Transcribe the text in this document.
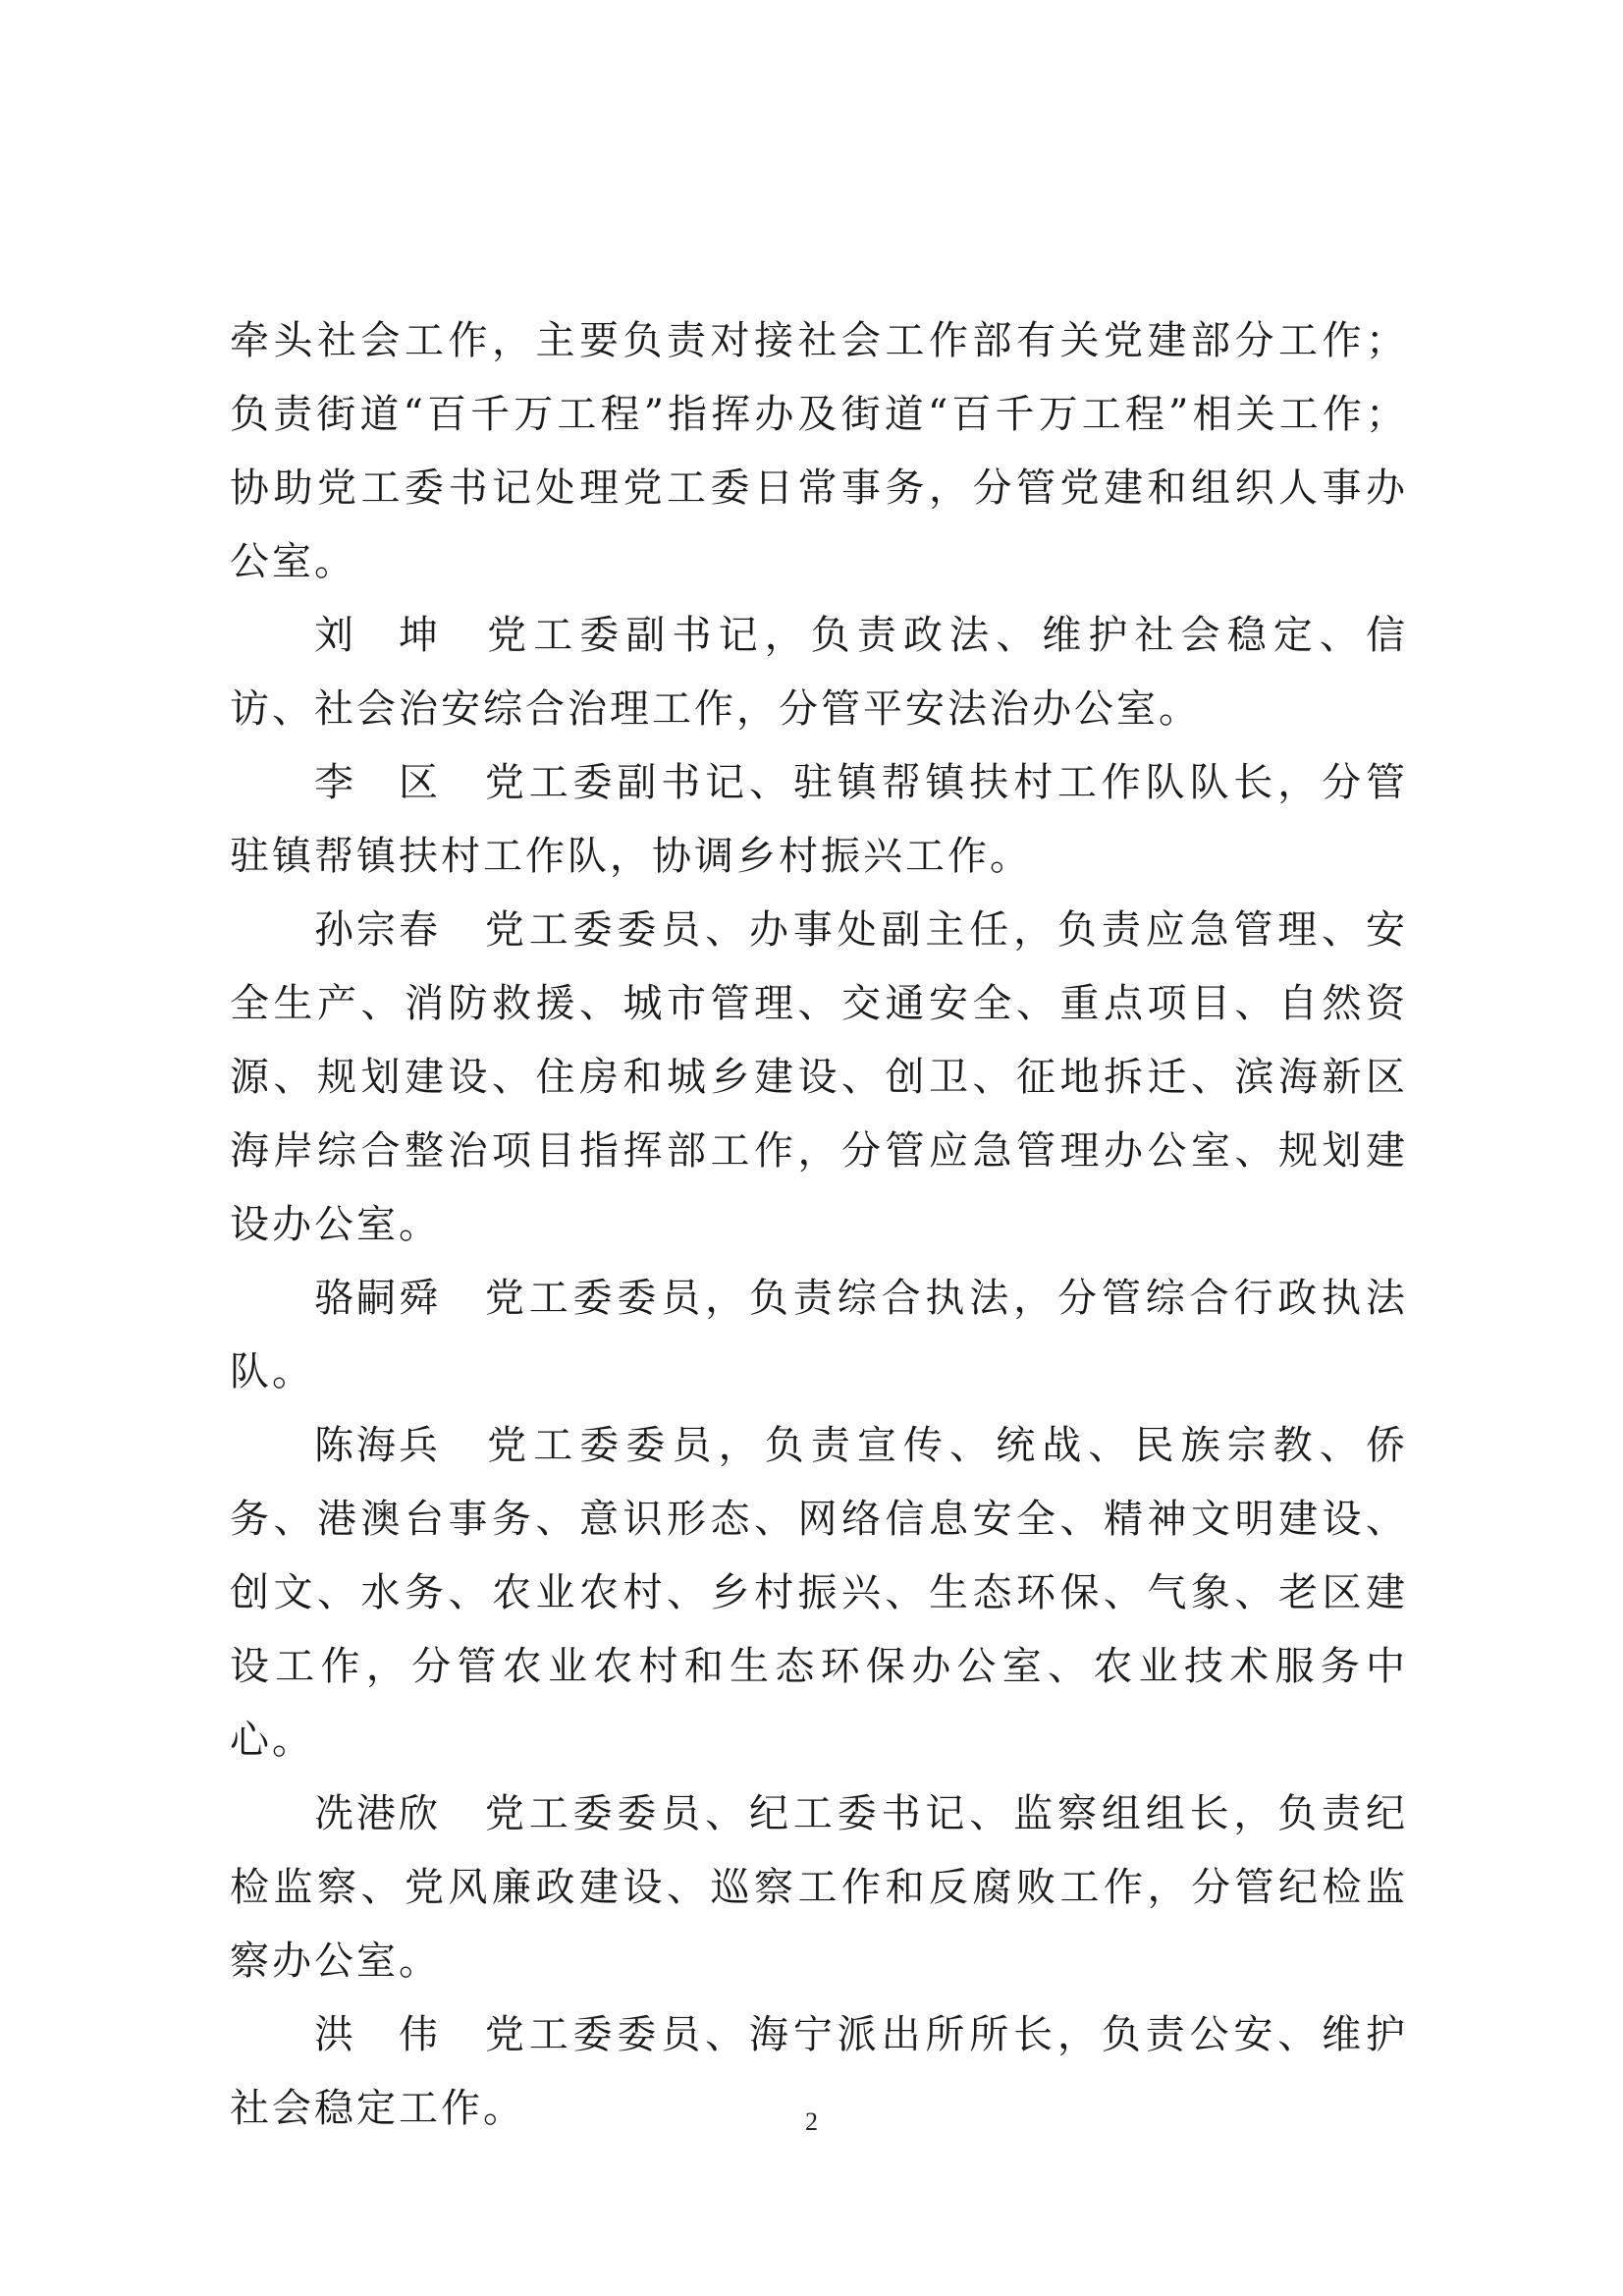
牵头社会工作，主要负责对接社会工作部有关党建部分工作；负责街道“百千万工程”指挥办及街道“百千万工程”相关工作；协助党工委书记处理党工委日常事务，分管党建和组织人事办公室。

刘　坤 党工委副书记，负责政法、维护社会稳定、信访、社会治安综合治理工作，分管平安法治办公室。

李　区 党工委副书记、驻镇帮镇扶村工作队队长，分管驻镇帮镇扶村工作队，协调乡村振兴工作。

孙宗春 党工委委员、办事处副主任，负责应急管理、安全生产、消防救援、城市管理、交通安全、重点项目、自然资源、规划建设、住房和城乡建设、创卫、征地拆迁、滨海新区海岸综合整治项目指挥部工作，分管应急管理办公室、规划建设办公室。

骆嗣舜 党工委委员，负责综合执法，分管综合行政执法队。

陈海兵 党工委委员，负责宣传、统战、民族宗教、侨务、港澳台事务、意识形态、网络信息安全、精神文明建设、创文、水务、农业农村、乡村振兴、生态环保、气象、老区建设工作，分管农业农村和生态环保办公室、农业技术服务中心。

冼港欣 党工委委员、纪工委书记、监察组组长，负责纪检监察、党风廉政建设、巡察工作和反腐败工作，分管纪检监察办公室。

洪　伟 党工委委员、海宁派出所所长，负责公安、维护社会稳定工作。	2
